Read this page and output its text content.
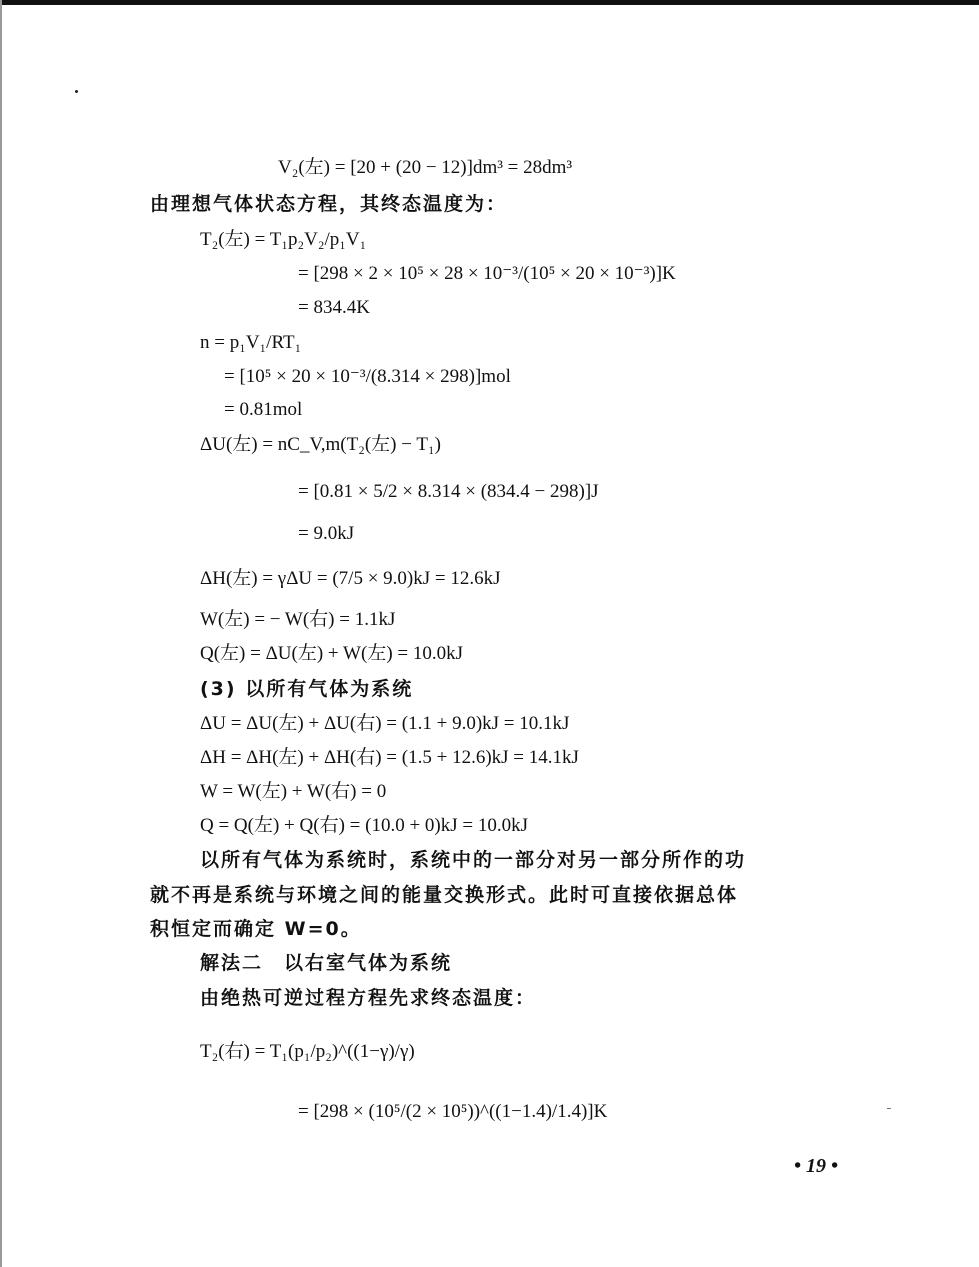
V₂(左) = [20 + (20 − 12)]dm³ = 28dm³
由理想气体状态方程，其终态温度为：
T₂(左) = T₁p₂V₂/p₁V₁
= [298 × 2 × 10⁵ × 28 × 10⁻³/(10⁵ × 20 × 10⁻³)]K
= 834.4K
n = p₁V₁/RT₁
= [10⁵ × 20 × 10⁻³/(8.314 × 298)]mol
= 0.81mol
ΔU(左) = nC_V,m(T₂(左) − T₁)
= [0.81 × 5/2 × 8.314 × (834.4 − 298)]J
= 9.0kJ
ΔH(左) = γΔU = (7/5 × 9.0)kJ = 12.6kJ
W(左) = − W(右) = 1.1kJ
Q(左) = ΔU(左) + W(左) = 10.0kJ
(3) 以所有气体为系统
ΔU = ΔU(左) + ΔU(右) = (1.1 + 9.0)kJ = 10.1kJ
ΔH = ΔH(左) + ΔH(右) = (1.5 + 12.6)kJ = 14.1kJ
W = W(左) + W(右) = 0
Q = Q(左) + Q(右) = (10.0 + 0)kJ = 10.0kJ
以所有气体为系统时，系统中的一部分对另一部分所作的功
就不再是系统与环境之间的能量交换形式。此时可直接依据总体
积恒定而确定 W=0。
解法二　以右室气体为系统
由绝热可逆过程方程先求终态温度：
T₂(右) = T₁(p₁/p₂)^((1−γ)/γ)
= [298 × (10⁵/(2 × 10⁵))^((1−1.4)/1.4)]K
• 19 •
